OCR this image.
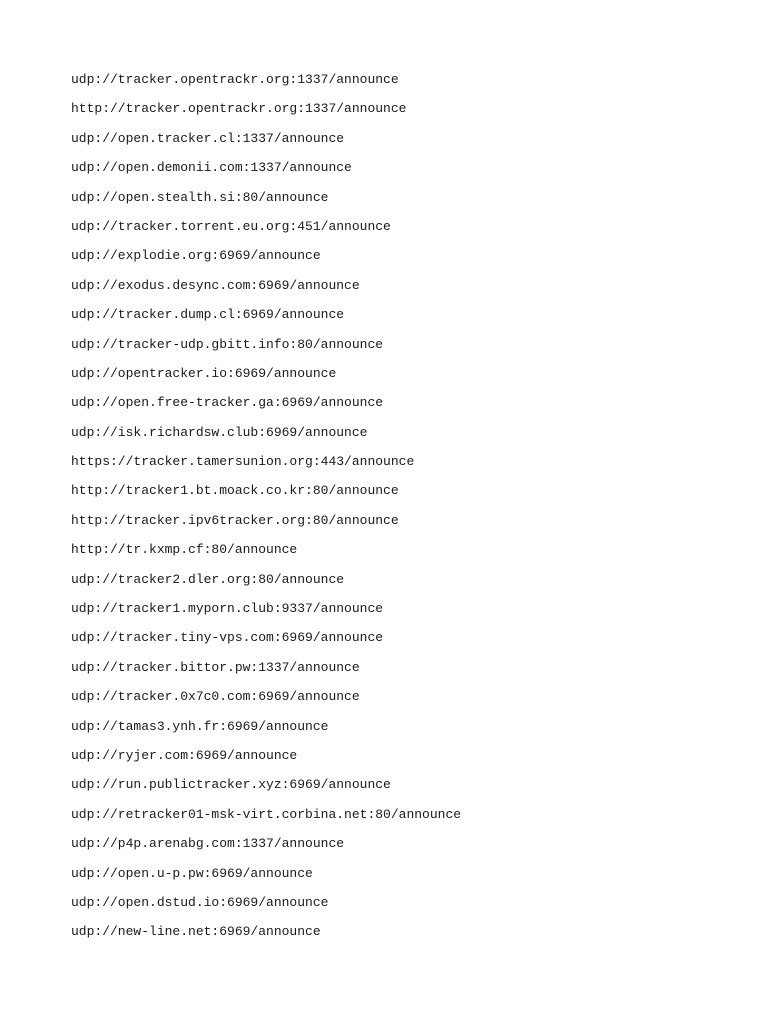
udp://tracker.opentrackr.org:1337/announce
http://tracker.opentrackr.org:1337/announce
udp://open.tracker.cl:1337/announce
udp://open.demonii.com:1337/announce
udp://open.stealth.si:80/announce
udp://tracker.torrent.eu.org:451/announce
udp://explodie.org:6969/announce
udp://exodus.desync.com:6969/announce
udp://tracker.dump.cl:6969/announce
udp://tracker-udp.gbitt.info:80/announce
udp://opentracker.io:6969/announce
udp://open.free-tracker.ga:6969/announce
udp://isk.richardsw.club:6969/announce
https://tracker.tamersunion.org:443/announce
http://tracker1.bt.moack.co.kr:80/announce
http://tracker.ipv6tracker.org:80/announce
http://tr.kxmp.cf:80/announce
udp://tracker2.dler.org:80/announce
udp://tracker1.myporn.club:9337/announce
udp://tracker.tiny-vps.com:6969/announce
udp://tracker.bittor.pw:1337/announce
udp://tracker.0x7c0.com:6969/announce
udp://tamas3.ynh.fr:6969/announce
udp://ryjer.com:6969/announce
udp://run.publictracker.xyz:6969/announce
udp://retracker01-msk-virt.corbina.net:80/announce
udp://p4p.arenabg.com:1337/announce
udp://open.u-p.pw:6969/announce
udp://open.dstud.io:6969/announce
udp://new-line.net:6969/announce
